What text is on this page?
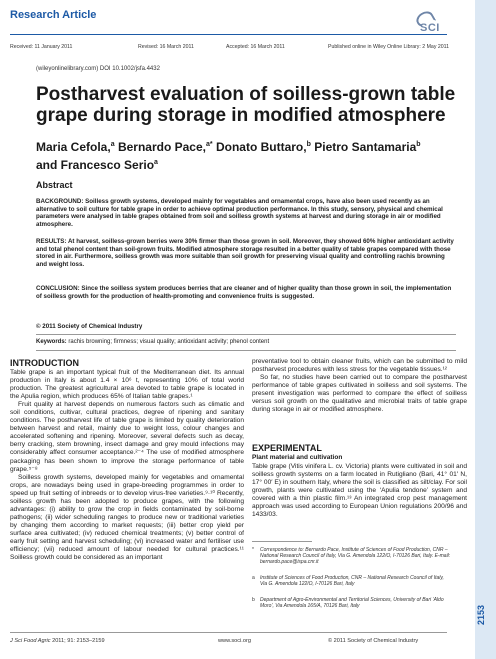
Research Article
SCI
Received: 11 January 2011	Revised: 16 March 2011	Accepted: 16 March 2011	Published online in Wiley Online Library: 2 May 2011
(wileyonlinelibrary.com) DOI 10.1002/jsfa.4432
Postharvest evaluation of soilless-grown table grape during storage in modified atmosphere
Maria Cefola,$^a$ Bernardo Pace,$^{a*}$ Donato Buttaro,$^b$ Pietro Santamaria$^b$
and Francesco Serio$^a$
Abstract
BACKGROUND: Soilless growth systems, developed mainly for vegetables and ornamental crops, have also been used recently as an alternative to soil culture for table grape in order to achieve optimal production performance. In this study, sensory, physical and chemical parameters were analysed in table grapes obtained from soil and soilless growth systems at harvest and during storage in air or modified atmosphere.
RESULTS: At harvest, soilless-grown berries were 30% firmer than those grown in soil. Moreover, they showed 60% higher antioxidant activity and total phenol content than soil-grown fruits. Modified atmosphere storage resulted in a better quality of table grapes compared with those stored in air. Furthermore, soilless growth was more suitable than soil growth for preserving visual quality and controlling rachis browning and weight loss.
CONCLUSION: Since the soilless system produces berries that are cleaner and of higher quality than those grown in soil, the implementation of soilless growth for the production of health-promoting and convenience fruits is suggested.
© 2011 Society of Chemical Industry
Keywords: rachis browning; firmness; visual quality; antioxidant activity; phenol content
INTRODUCTION

Table grape is an important typical fruit of the Mediterranean diet. Its annual production in Italy is about 1.4 × 10⁶ t, representing 10% of total world production. The greatest agricultural area devoted to table grape is located in the Apulia region, which produces 65% of Italian table grapes.¹

Fruit quality at harvest depends on numerous factors such as climatic and soil conditions, cultivar, cultural practices, degree of ripening and sanitary conditions. The postharvest life of table grape is limited by quality deterioration between harvest and retail, mainly due to weight loss, colour changes and accelerated softening and ripening. Moreover, several defects such as decay, berry cracking, stem browning, insect damage and grey mould infections may considerably affect consumer acceptance.²⁻⁴ The use of modified atmosphere packaging has been shown to improve the storage performance of table grape.⁵⁻⁸

Soilless growth systems, developed mainly for vegetables and ornamental crops, are nowadays being used in grape-breeding programmes in order to speed up fruit setting of inbreeds or to develop virus-free varieties.⁹·¹⁰ Recently, soilless growth has been adopted to produce grapes, with the following advantages: (i) ability to grow the crop in fields contaminated by soil-borne pathogens; (ii) wider scheduling ranges to produce new or traditional varieties by changing them according to market requests; (iii) better crop yield per surface area cultivated; (iv) reduced chemical treatments; (v) better control of early fruit setting and harvest scheduling; (vi) increased water and fertiliser use efficiency; (vii) reduced amount of labour needed for cultural practices.¹¹ Soilless growth could be considered as an important

preventative tool to obtain cleaner fruits, which can be submitted to mild postharvest procedures with less stress for the vegetable tissues.¹²

So far, no studies have been carried out to compare the postharvest performance of table grapes cultivated in soilless and soil systems. The present investigation was performed to compare the effect of soilless versus soil growth on the qualitative and microbial traits of table grape during storage in air or modified atmosphere.

EXPERIMENTAL
Plant material and cultivation
Table grape (Vitis vinifera L. cv. Victoria) plants were cultivated in soil and soilless growth systems on a farm located in Rutigliano (Bari, 41° 01′ N, 17° 00′ E) in southern Italy, where the soil is classified as silt/clay. For soil growth, plants were cultivated using the ‘Apulia tendone’ system and covered with a thin plastic film.¹³ An integrated crop pest management approach was used according to European Union regulations 200/96 and 1433/03.
*	Correspondence to: Bernardo Pace, Institute of Sciences of Food Production, CNR – National Research Council of Italy, Via G. Amendola 122/O, I-70126 Bari, Italy. E-mail: bernardo.pace@ispa.cnr.it
a	Institute of Sciences of Food Production, CNR – National Research Council of Italy, Via G. Amendola 122/O, I-70126 Bari, Italy
b	Department of Agro-Environmental and Territorial Sciences, University of Bari ‘Aldo Moro’, Via Amendola 165/A, 70126 Bari, Italy	2153
J Sci Food Agric 2011; 91: 2153–2159	www.soci.org	© 2011 Society of Chemical Industry
